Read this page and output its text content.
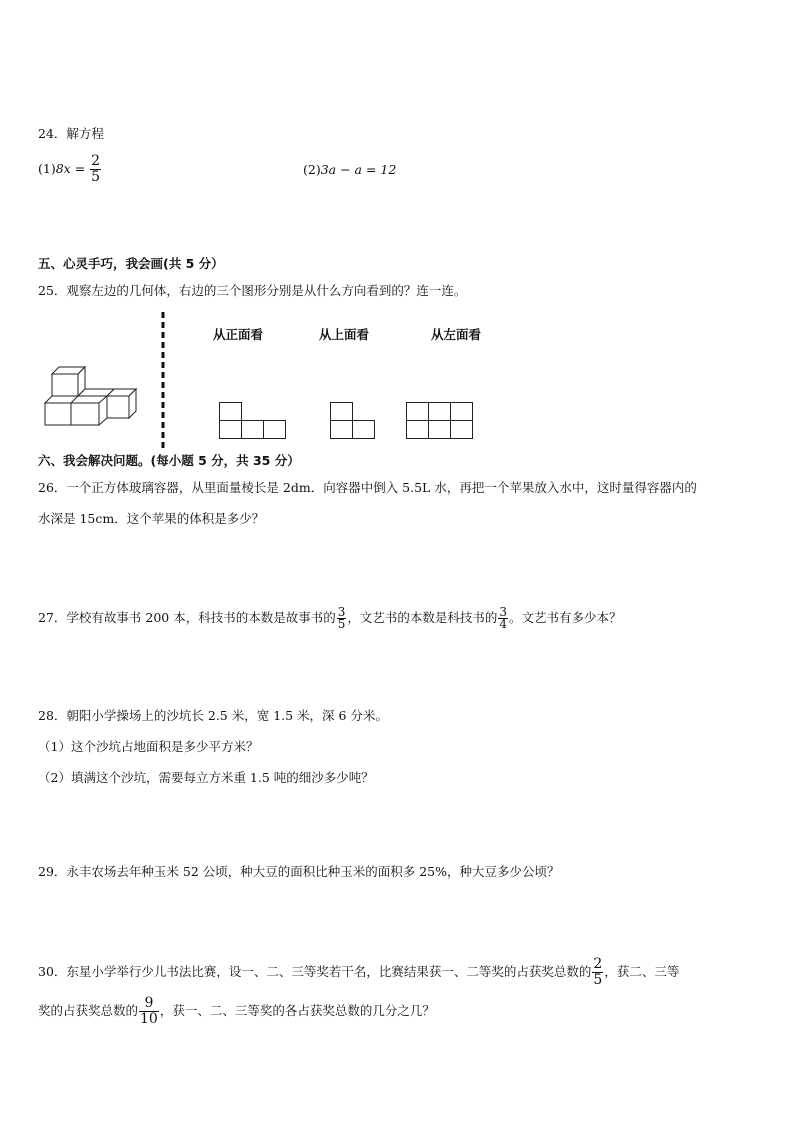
24．解方程
$(1)8x = \frac{2}{5}$	(2)3a − a = 12
五、心灵手巧，我会画(共 5 分）
25．观察左边的几何体，右边的三个图形分别是从什么方向看到的？连一连。
从正面看	从上面看	从左面看
六、我会解决问题。(每小题 5 分，共 35 分）
26．一个正方体玻璃容器，从里面量棱长是 2dm．向容器中倒入 5.5L 水，再把一个苹果放入水中，这时量得容器内的
水深是 15cm．这个苹果的体积是多少？
27．学校有故事书 200 本，科技书的本数是故事书的 $\frac{3}{5}$ ，文艺书的本数是科技书的 $\frac{3}{4}$ 。文艺书有多少本？
28．朝阳小学操场上的沙坑长 2.5 米，宽 1.5 米，深 6 分米。
（1）这个沙坑占地面积是多少平方米？
（2）填满这个沙坑，需要每立方米重 1.5 吨的细沙多少吨？
29．永丰农场去年种玉米 52 公顷，种大豆的面积比种玉米的面积多 25%，种大豆多少公顷？
30．东星小学举行少儿书法比赛，设一、二、三等奖若干名，比赛结果获一、二等奖的占获奖总数的 $\frac{2}{5}$ ，获二、三等
奖的占获奖总数的 $\frac{9}{10}$ ，获一、二、三等奖的各占获奖总数的几分之几？
